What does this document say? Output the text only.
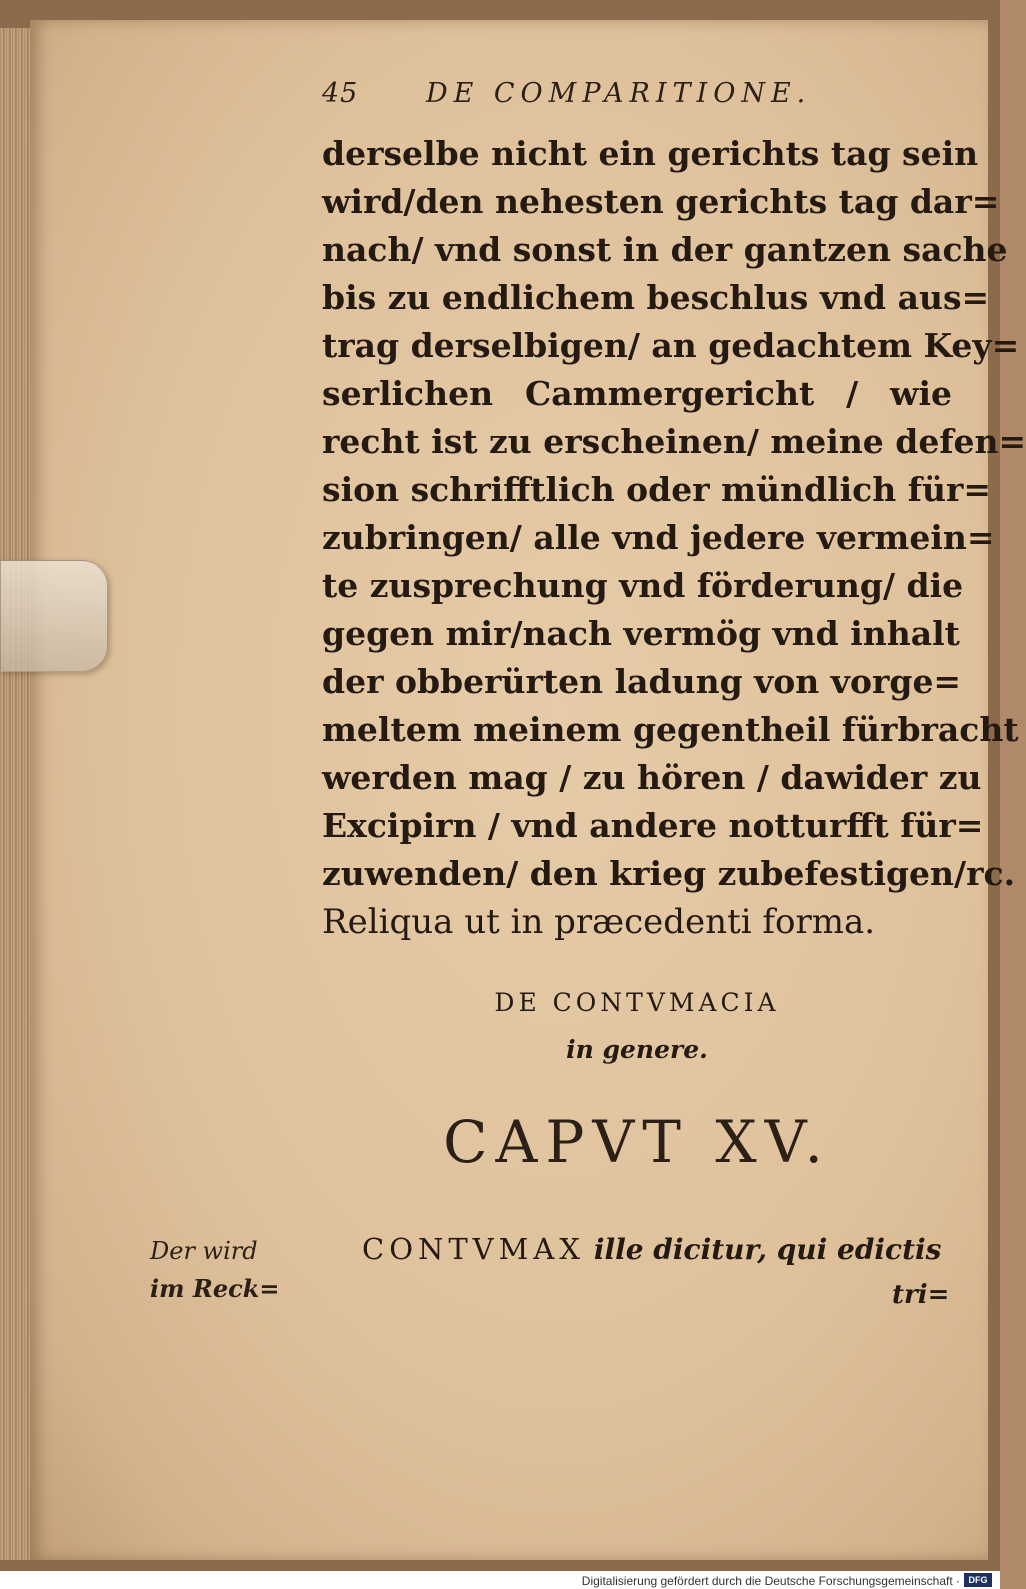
45	DE COMPARITIONE.
derselbe nicht ein gerichts tag sein
wird/den nehesten gerichts tag dar=
nach/ vnd sonst in der gantzen sache
bis zu endlichem beschlus vnd aus=
trag derselbigen/ an gedachtem Key=
serlichen Cammergericht / wie
recht ist zu erscheinen/ meine defen=
sion schrifftlich oder mündlich für=
zubringen/ alle vnd jedere vermein=
te zusprechung vnd förderung/ die
gegen mir/nach vermög vnd inhalt
der obberürten ladung von vorge=
meltem meinem gegentheil fürbracht
werden mag / zu hören / dawider zu
Excipirn / vnd andere notturfft für=
zuwenden/ den krieg zubefestigen/rc.
Reliqua ut in præcedenti forma.
DE CONTVMACIA
in genere.
CAPVT XV.
Der wird
im Reck=
CONTVMAX ille dicitur, qui edictis
tri=
Digitalisierung gefördert durch die Deutsche Forschungsgemeinschaft · DFG
